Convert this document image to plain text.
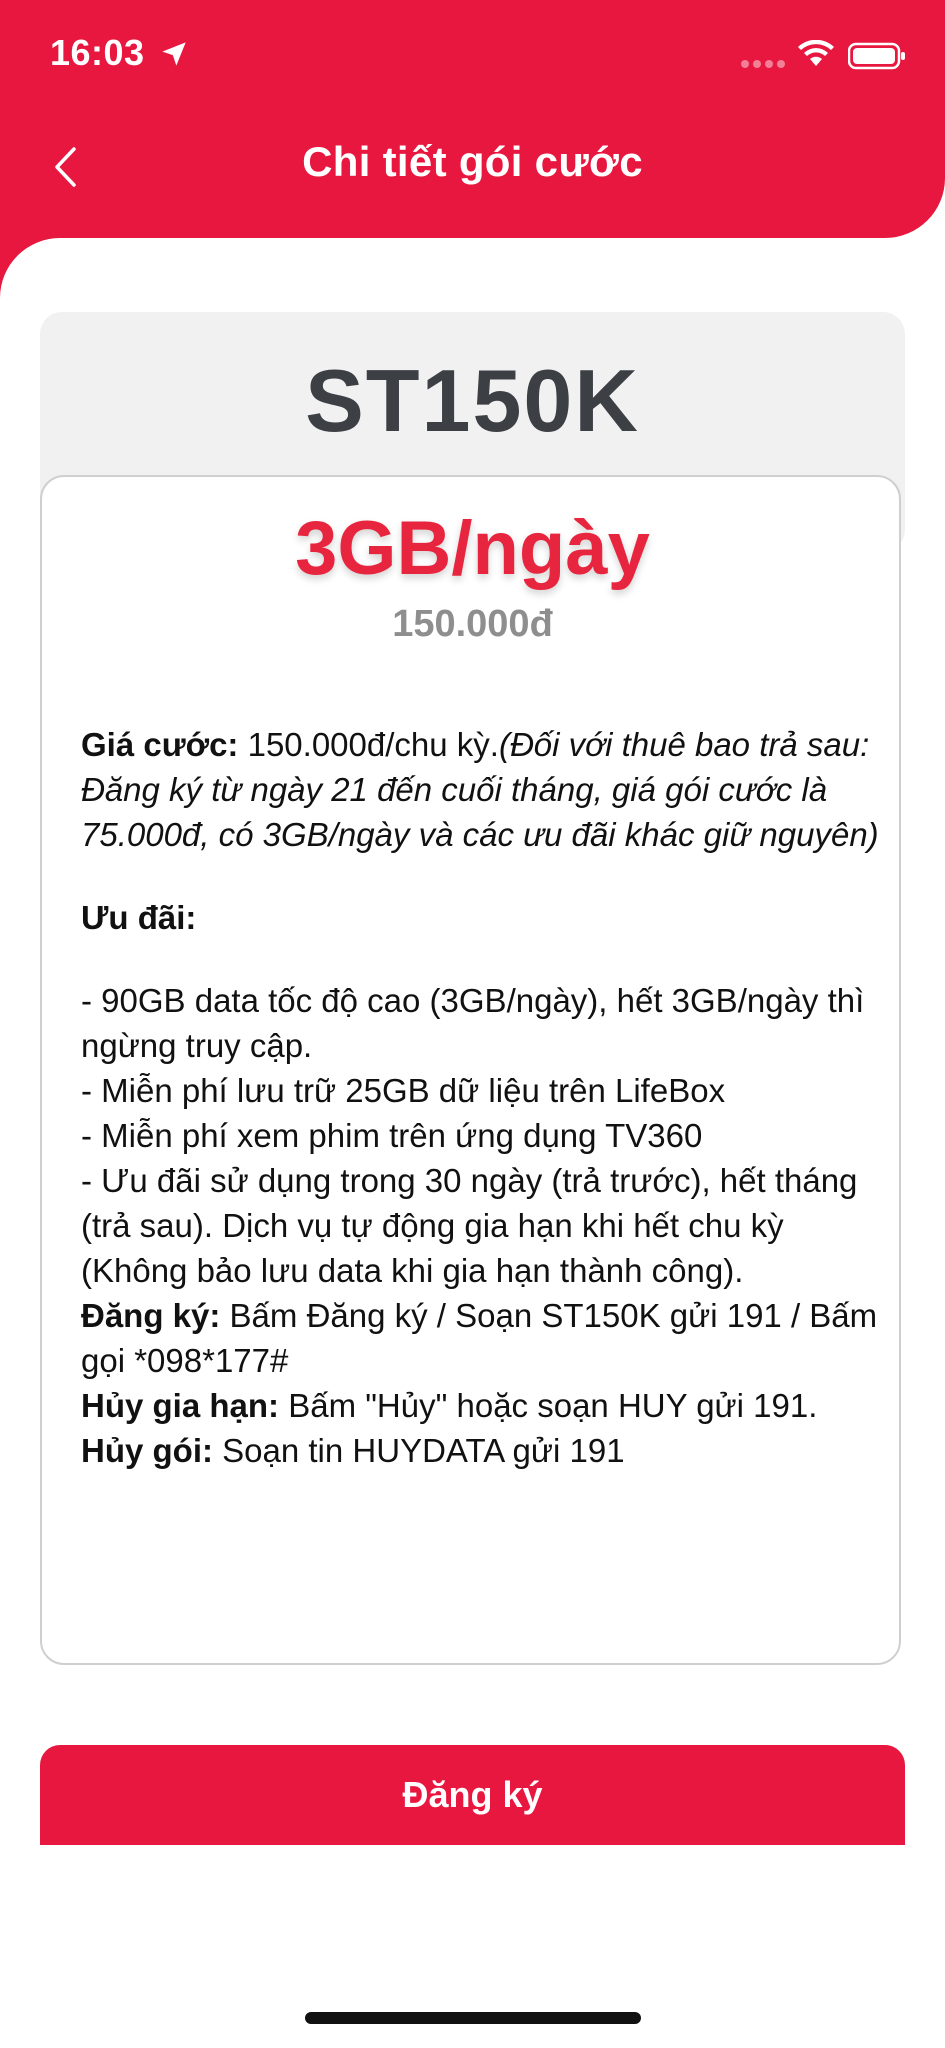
16:03
Chi tiết gói cước
ST150K
3GB/ngày
150.000đ

Giá cước: 150.000đ/chu kỳ.(Đối với thuê bao trả sau: Đăng ký từ ngày 21 đến cuối tháng, giá gói cước là 75.000đ, có 3GB/ngày và các ưu đãi khác giữ nguyên)

Ưu đãi:

- 90GB data tốc độ cao (3GB/ngày), hết 3GB/ngày thì ngừng truy cập.

- Miễn phí lưu trữ 25GB dữ liệu trên LifeBox

- Miễn phí xem phim trên ứng dụng TV360

- Ưu đãi sử dụng trong 30 ngày (trả trước), hết tháng (trả sau). Dịch vụ tự động gia hạn khi hết chu kỳ (Không bảo lưu data khi gia hạn thành công).

Đăng ký: Bấm Đăng ký / Soạn ST150K gửi 191 / Bấm gọi *098*177#

Hủy gia hạn: Bấm "Hủy" hoặc soạn HUY gửi 191. Hủy gói: Soạn tin HUYDATA gửi 191

Đăng ký
